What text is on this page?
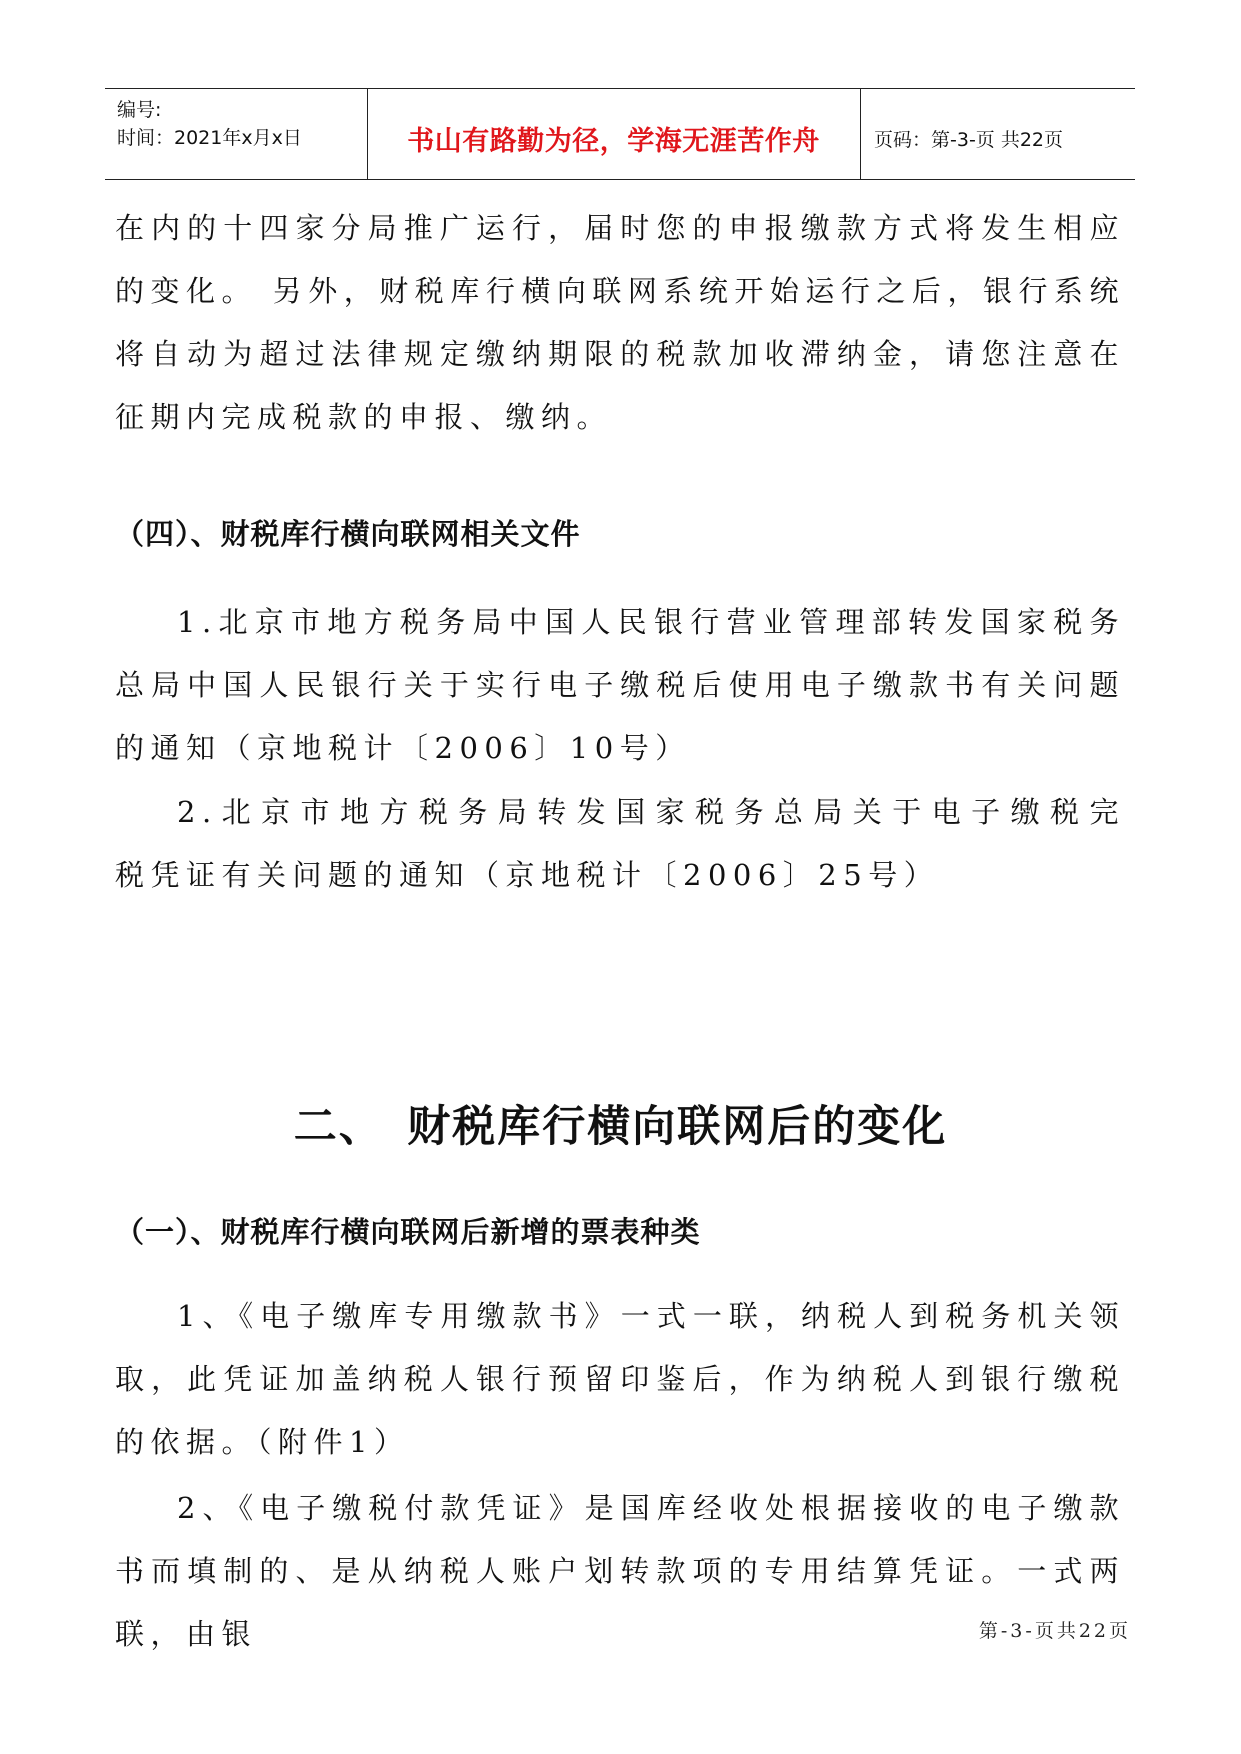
编号:
时间：2021年x月x日	书山有路勤为径，学海无涯苦作舟	页码：第-3-页 共22页

在内的十四家分局推广运行，届时您的申报缴款方式将发生相应的变化。 另外，财税库行横向联网系统开始运行之后，银行系统将自动为超过法律规定缴纳期限的税款加收滞纳金，请您注意在征期内完成税款的申报、缴纳。

（四）、财税库行横向联网相关文件

1.北京市地方税务局中国人民银行营业管理部转发国家税务总局中国人民银行关于实行电子缴税后使用电子缴款书有关问题的通知（京地税计〔2006〕10号）

2.北京市地方税务局转发国家税务总局关于电子缴税完　　税凭证有关问题的通知（京地税计〔2006〕25号）

二、　财税库行横向联网后的变化
（一）、财税库行横向联网后新增的票表种类

1、《电子缴库专用缴款书》一式一联，纳税人到税务机关领取，此凭证加盖纳税人银行预留印鉴后，作为纳税人到银行缴税的依据。（附件1）

2、《电子缴税付款凭证》是国库经收处根据接收的电子缴款书而填制的、是从纳税人账户划转款项的专用结算凭证。一式两联，由银	第-3-页共22页
